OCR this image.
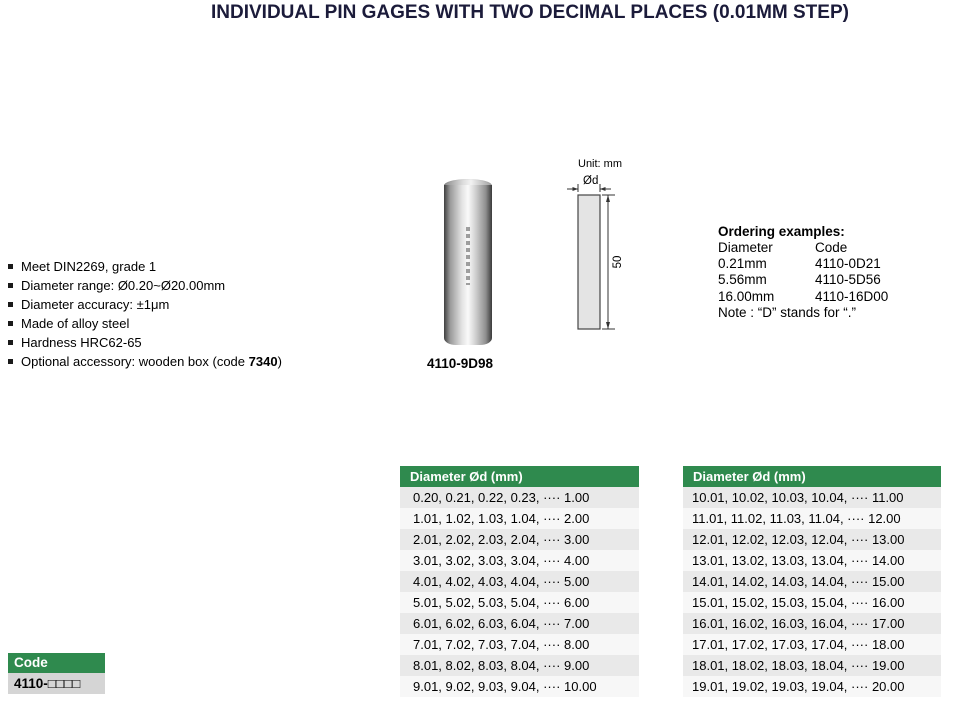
INDIVIDUAL PIN GAGES WITH TWO DECIMAL PLACES (0.01MM STEP)
Meet DIN2269, grade 1
Diameter range: Ø0.20~Ø20.00mm
Diameter accuracy: ±1μm
Made of alloy steel
Hardness HRC62-65
Optional accessory: wooden box (code 7340)	4110-9D98
Unit: mm
Ød
50
Ordering examples:
Diameter	Code
0.21mm	4110-0D21
5.56mm	4110-5D56
16.00mm	4110-16D00
Note : “D” stands for “.”
Diameter Ød (mm)
0.20, 0.21, 0.22, 0.23, ···· 1.00
1.01, 1.02, 1.03, 1.04, ···· 2.00
2.01, 2.02, 2.03, 2.04, ···· 3.00
3.01, 3.02, 3.03, 3.04, ···· 4.00
4.01, 4.02, 4.03, 4.04, ···· 5.00
5.01, 5.02, 5.03, 5.04, ···· 6.00
6.01, 6.02, 6.03, 6.04, ···· 7.00
7.01, 7.02, 7.03, 7.04, ···· 8.00
8.01, 8.02, 8.03, 8.04, ···· 9.00
9.01, 9.02, 9.03, 9.04, ···· 10.00
Diameter Ød (mm)
10.01, 10.02, 10.03, 10.04, ···· 11.00
11.01, 11.02, 11.03, 11.04, ···· 12.00
12.01, 12.02, 12.03, 12.04, ···· 13.00
13.01, 13.02, 13.03, 13.04, ···· 14.00
14.01, 14.02, 14.03, 14.04, ···· 15.00
15.01, 15.02, 15.03, 15.04, ···· 16.00
16.01, 16.02, 16.03, 16.04, ···· 17.00
17.01, 17.02, 17.03, 17.04, ···· 18.00
18.01, 18.02, 18.03, 18.04, ···· 19.00
19.01, 19.02, 19.03, 19.04, ···· 20.00
Code
4110-□□□□
